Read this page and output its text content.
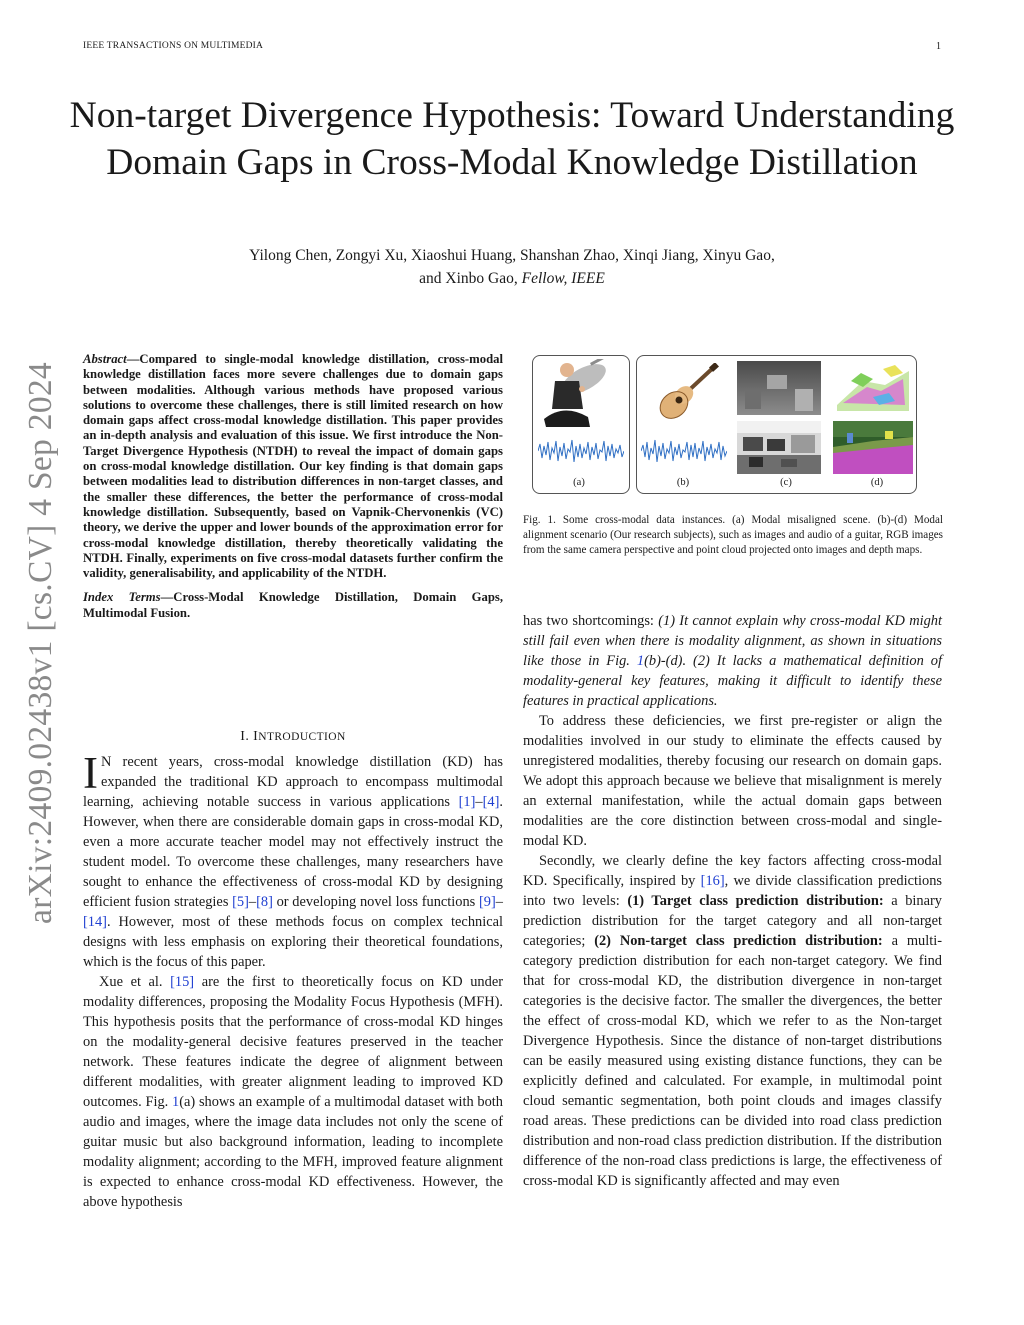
IEEE TRANSACTIONS ON MULTIMEDIA	1
Non-target Divergence Hypothesis: Toward Understanding Domain Gaps in Cross-Modal Knowledge Distillation
Yilong Chen, Zongyi Xu, Xiaoshui Huang, Shanshan Zhao, Xinqi Jiang, Xinyu Gao,
and Xinbo Gao, Fellow, IEEE
arXiv:2409.02438v1 [cs.CV] 4 Sep 2024

Abstract—Compared to single-modal knowledge distillation, cross-modal knowledge distillation faces more severe challenges due to domain gaps between modalities. Although various methods have proposed various solutions to overcome these challenges, there is still limited research on how domain gaps affect cross-modal knowledge distillation. This paper provides an in-depth analysis and evaluation of this issue. We first introduce the Non-Target Divergence Hypothesis (NTDH) to reveal the impact of domain gaps on cross-modal knowledge distillation. Our key finding is that domain gaps between modalities lead to distribution differences in non-target classes, and the smaller these differences, the better the performance of cross-modal knowledge distillation. Subsequently, based on Vapnik-Chervonenkis (VC) theory, we derive the upper and lower bounds of the approximation error for cross-modal knowledge distillation, thereby theoretically validating the NTDH. Finally, experiments on five cross-modal datasets further confirm the validity, generalisability, and applicability of the NTDH.

Index Terms—Cross-Modal Knowledge Distillation, Domain Gaps, Multimodal Fusion.

I. INTRODUCTION

I N recent years, cross-modal knowledge distillation (KD) has expanded the traditional KD approach to encompass multimodal learning, achieving notable success in various applications [1]–[4]. However, when there are considerable domain gaps in cross-modal KD, even a more accurate teacher model may not effectively instruct the student model. To overcome these challenges, many researchers have sought to enhance the effectiveness of cross-modal KD by designing efficient fusion strategies [5]–[8] or developing novel loss functions [9]–[14]. However, most of these methods focus on complex technical designs with less emphasis on exploring their theoretical foundations, which is the focus of this paper.

Xue et al. [15] are the first to theoretically focus on KD under modality differences, proposing the Modality Focus Hypothesis (MFH). This hypothesis posits that the performance of cross-modal KD hinges on the modality-general decisive features preserved in the teacher network. These features indicate the degree of alignment between different modalities, with greater alignment leading to improved KD outcomes. Fig. 1(a) shows an example of a multimodal dataset with both audio and images, where the image data includes not only the scene of guitar music but also background information, leading to incomplete modality alignment; according to the MFH, improved feature alignment is expected to enhance cross-modal KD effectiveness. However, the above hypothesis

(a)	(b)	(c)	(d)
Fig. 1. Some cross-modal data instances. (a) Modal misaligned scene. (b)-(d) Modal alignment scenario (Our research subjects), such as images and audio of a guitar, RGB images from the same camera perspective and point cloud projected onto images and depth maps.

has two shortcomings: (1) It cannot explain why cross-modal KD might still fail even when there is modality alignment, as shown in situations like those in Fig. 1(b)-(d). (2) It lacks a mathematical definition of modality-general key features, making it difficult to identify these features in practical applications.

To address these deficiencies, we first pre-register or align the modalities involved in our study to eliminate the effects caused by unregistered modalities, thereby focusing our research on domain gaps. We adopt this approach because we believe that misalignment is merely an external manifestation, while the actual domain gaps between modalities are the core distinction between cross-modal and single-modal KD.

Secondly, we clearly define the key factors affecting cross-modal KD. Specifically, inspired by [16], we divide classification predictions into two levels: (1) Target class prediction distribution: a binary prediction distribution for the target category and all non-target categories; (2) Non-target class prediction distribution: a multi-category prediction distribution for each non-target category. We find that for cross-modal KD, the distribution divergence in non-target categories is the decisive factor. The smaller the divergences, the better the effect of cross-modal KD, which we refer to as the Non-target Divergence Hypothesis. Since the distance of non-target distributions can be easily measured using existing distance functions, they can be explicitly defined and calculated. For example, in multimodal point cloud semantic segmentation, both point clouds and images classify road areas. These predictions can be divided into road class prediction distribution and non-road class prediction distribution. If the distribution difference of the non-road class predictions is large, the effectiveness of cross-modal KD is significantly affected and may even
